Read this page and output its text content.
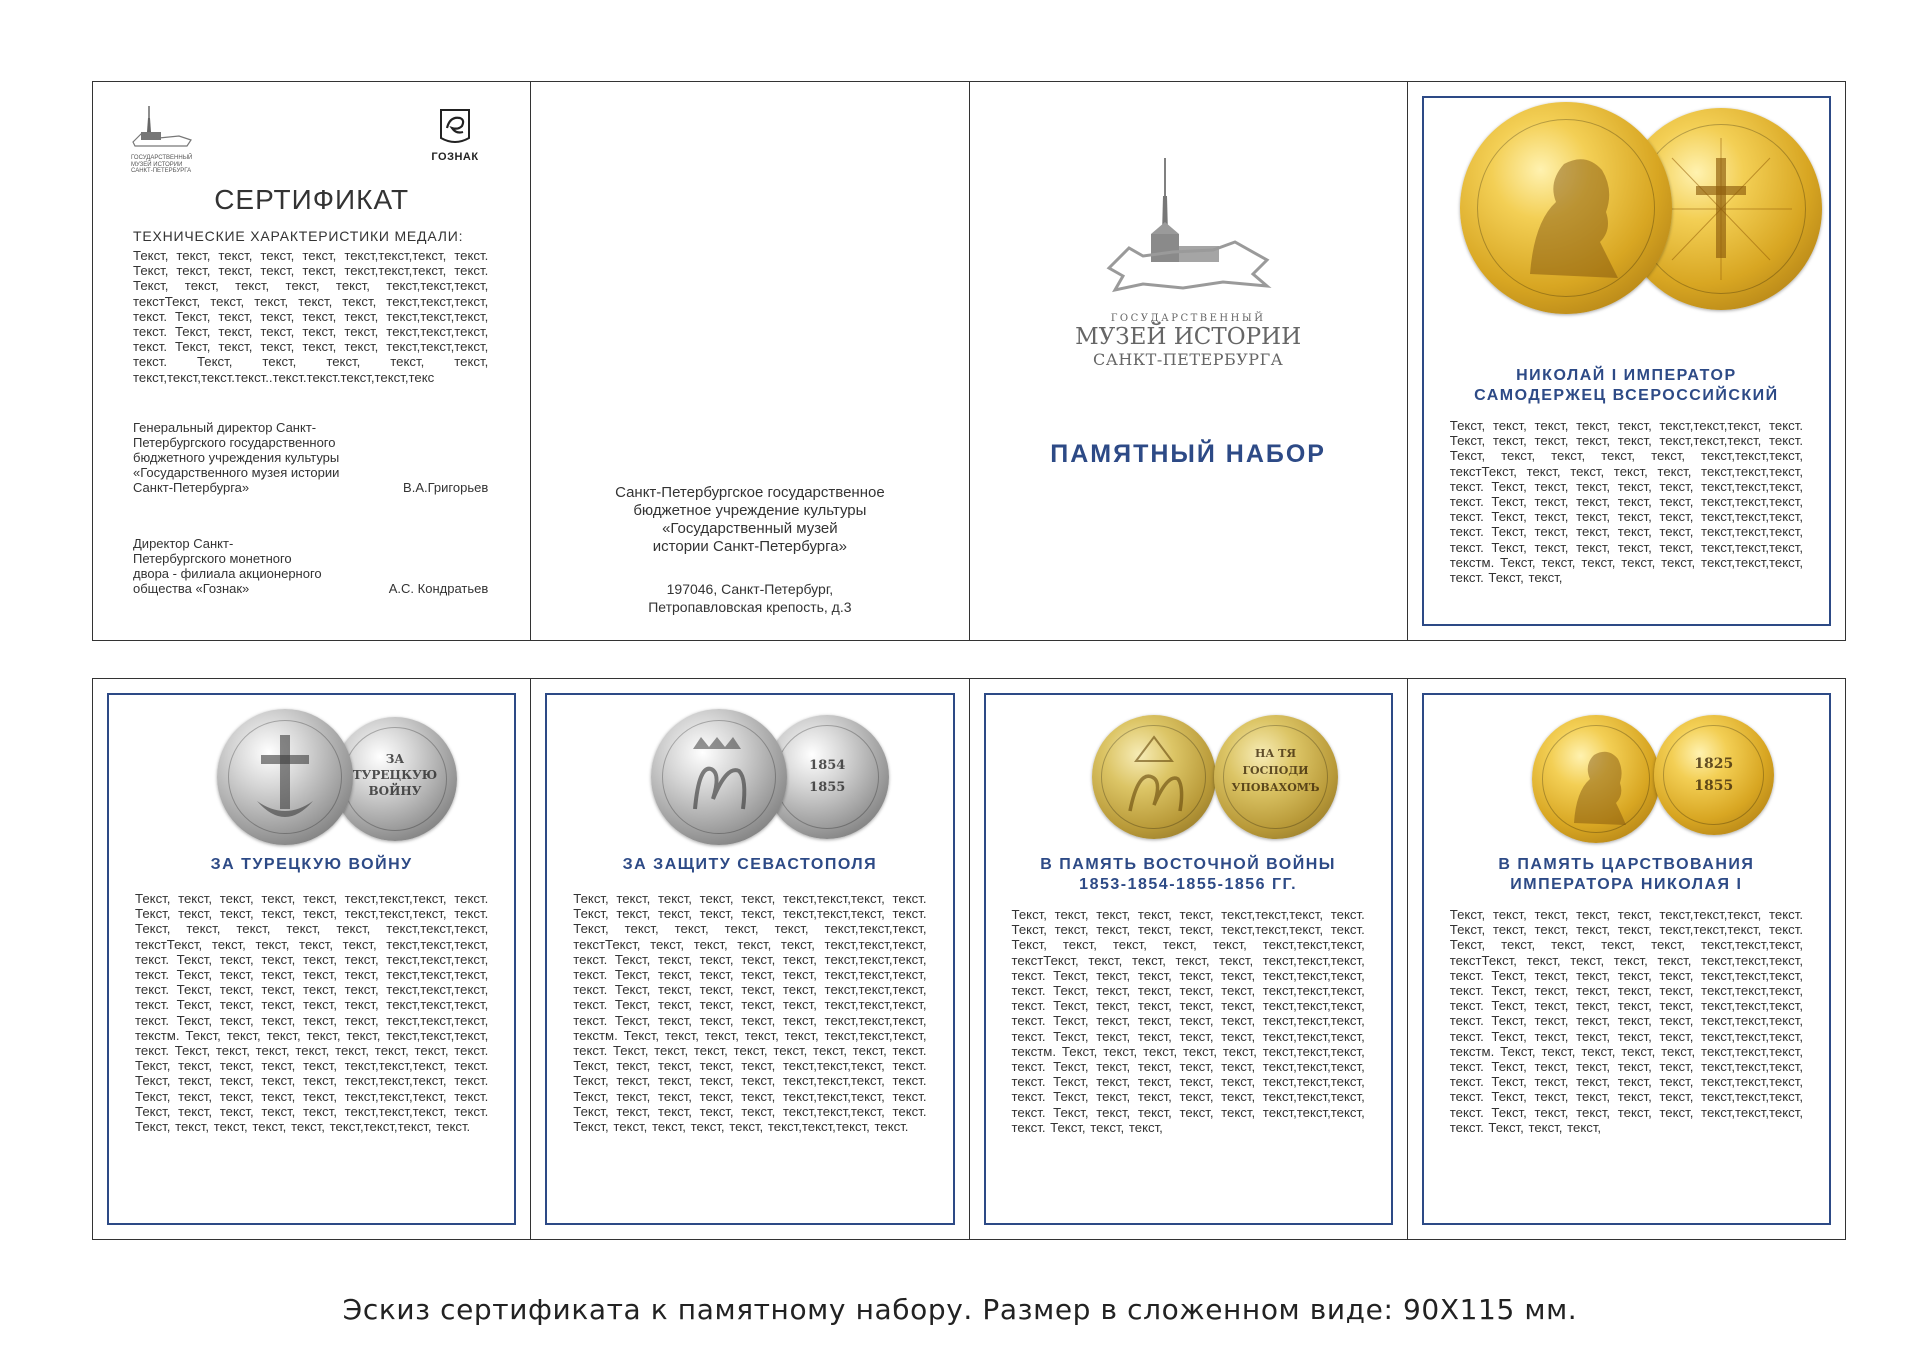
ГОСУДАРСТВЕННЫЙ
МУЗЕЙ ИСТОРИИ
САНКТ-ПЕТЕРБУРГА
ГОЗНАК
СЕРТИФИКАТ
ТЕХНИЧЕСКИЕ ХАРАКТЕРИСТИКИ МЕДАЛИ:
Текст, текст, текст, текст, текст, текст,текст,текст, текст. Текст, текст, текст, текст, текст, текст,текст,текст, текст. Текст, текст, текст, текст, текст, текст,текст,текст, текстТекст, текст, текст, текст, текст, текст,текст,текст, текст. Текст, текст, текст, текст, текст, текст,текст,текст, текст. Текст, текст, текст, текст, текст, текст,текст,текст, текст. Текст, текст, текст, текст, текст, текст,текст,текст, текст. Текст, текст, текст, текст, текст, текст,текст,текст.текст..текст.текст.текст,текст,текс
Генеральный директор Санкт-Петербургского государственного бюджетного учреждения культуры «Государственного музея истории Санкт-Петербурга»	В.А.Григорьев
Директор Санкт-Петербургского монетного двора - филиала акционерного общества «Гознак»	А.С. Кондратьев
Санкт-Петербургское государственное
бюджетное учреждение культуры
«Государственный музей
истории Санкт-Петербурга»
197046, Санкт-Петербург,
Петропавловская крепость, д.3
ГОСУДАРСТВЕННЫЙ
МУЗЕЙ ИСТОРИИ
САНКТ-ПЕТЕРБУРГА
ПАМЯТНЫЙ НАБОР
НИКОЛАЙ I ИМПЕРАТОР
САМОДЕРЖЕЦ ВСЕРОССИЙСКИЙ
Текст, текст, текст, текст, текст, текст,текст,текст, текст. Текст, текст, текст, текст, текст, текст,текст,текст, текст. Текст, текст, текст, текст, текст, текст,текст,текст, текстТекст, текст, текст, текст, текст, текст,текст,текст, текст. Текст, текст, текст, текст, текст, текст,текст,текст, текст. Текст, текст, текст, текст, текст, текст,текст,текст, текст. Текст, текст, текст, текст, текст, текст,текст,текст, текст. Текст, текст, текст, текст, текст, текст,текст,текст, текст. Текст, текст, текст, текст, текст, текст,текст,текст, текстм. Текст, текст, текст, текст, текст, текст,текст,текст, текст. Текст, текст,
ЗА
ТУРЕЦКУЮ
ВОЙНУ
ЗА ТУРЕЦКУЮ ВОЙНУ
Текст, текст, текст, текст, текст, текст,текст,текст, текст. Текст, текст, текст, текст, текст, текст,текст,текст, текст. Текст, текст, текст, текст, текст, текст,текст,текст, текстТекст, текст, текст, текст, текст, текст,текст,текст, текст. Текст, текст, текст, текст, текст, текст,текст,текст, текст. Текст, текст, текст, текст, текст, текст,текст,текст, текст. Текст, текст, текст, текст, текст, текст,текст,текст, текст. Текст, текст, текст, текст, текст, текст,текст,текст, текст. Текст, текст, текст, текст, текст, текст,текст,текст, текстм. Текст, текст, текст, текст, текст, текст,текст,текст, текст. Текст, текст, текст, текст, текст, текст, текст, текст. Текст, текст, текст, текст, текст, текст,текст,текст, текст. Текст, текст, текст, текст, текст, текст,текст,текст, текст. Текст, текст, текст, текст, текст, текст,текст,текст, текст. Текст, текст, текст, текст, текст, текст,текст,текст, текст. Текст, текст, текст, текст, текст, текст,текст,текст, текст.
1854
1855
ЗА ЗАЩИТУ СЕВАСТОПОЛЯ
Текст, текст, текст, текст, текст, текст,текст,текст, текст. Текст, текст, текст, текст, текст, текст,текст,текст, текст. Текст, текст, текст, текст, текст, текст,текст,текст, текстТекст, текст, текст, текст, текст, текст,текст,текст, текст. Текст, текст, текст, текст, текст, текст,текст,текст, текст. Текст, текст, текст, текст, текст, текст,текст,текст, текст. Текст, текст, текст, текст, текст, текст,текст,текст, текст. Текст, текст, текст, текст, текст, текст,текст,текст, текст. Текст, текст, текст, текст, текст, текст,текст,текст, текстм. Текст, текст, текст, текст, текст, текст,текст,текст, текст. Текст, текст, текст, текст, текст, текст, текст, текст. Текст, текст, текст, текст, текст, текст,текст,текст, текст. Текст, текст, текст, текст, текст, текст,текст,текст, текст. Текст, текст, текст, текст, текст, текст,текст,текст, текст. Текст, текст, текст, текст, текст, текст,текст,текст, текст. Текст, текст, текст, текст, текст, текст,текст,текст, текст.
НА ТЯ
ГОСПОДИ
УПОВАХОМЪ
В ПАМЯТЬ ВОСТОЧНОЙ ВОЙНЫ
1853-1854-1855-1856 ГГ.
Текст, текст, текст, текст, текст, текст,текст,текст, текст. Текст, текст, текст, текст, текст, текст,текст,текст, текст. Текст, текст, текст, текст, текст, текст,текст,текст, текстТекст, текст, текст, текст, текст, текст,текст,текст, текст. Текст, текст, текст, текст, текст, текст,текст,текст, текст. Текст, текст, текст, текст, текст, текст,текст,текст, текст. Текст, текст, текст, текст, текст, текст,текст,текст, текст. Текст, текст, текст, текст, текст, текст,текст,текст, текст. Текст, текст, текст, текст, текст, текст,текст,текст, текстм. Текст, текст, текст, текст, текст, текст,текст,текст, текст. Текст, текст, текст, текст, текст, текст,текст,текст, текст. Текст, текст, текст, текст, текст, текст,текст,текст, текст. Текст, текст, текст, текст, текст, текст,текст,текст, текст. Текст, текст, текст, текст, текст, текст,текст,текст, текст. Текст, текст, текст,
1825
1855
В ПАМЯТЬ ЦАРСТВОВАНИЯ
ИМПЕРАТОРА НИКОЛАЯ I
Текст, текст, текст, текст, текст, текст,текст,текст, текст. Текст, текст, текст, текст, текст, текст,текст,текст, текст. Текст, текст, текст, текст, текст, текст,текст,текст, текстТекст, текст, текст, текст, текст, текст,текст,текст, текст. Текст, текст, текст, текст, текст, текст,текст,текст, текст. Текст, текст, текст, текст, текст, текст,текст,текст, текст. Текст, текст, текст, текст, текст, текст,текст,текст, текст. Текст, текст, текст, текст, текст, текст,текст,текст, текст. Текст, текст, текст, текст, текст, текст,текст,текст, текстм. Текст, текст, текст, текст, текст, текст,текст,текст, текст. Текст, текст, текст, текст, текст, текст,текст,текст, текст. Текст, текст, текст, текст, текст, текст,текст,текст, текст. Текст, текст, текст, текст, текст, текст,текст,текст, текст. Текст, текст, текст, текст, текст, текст,текст,текст, текст. Текст, текст, текст,
Эскиз сертификата к памятному набору. Размер в сложенном виде: 90Х115 мм.
